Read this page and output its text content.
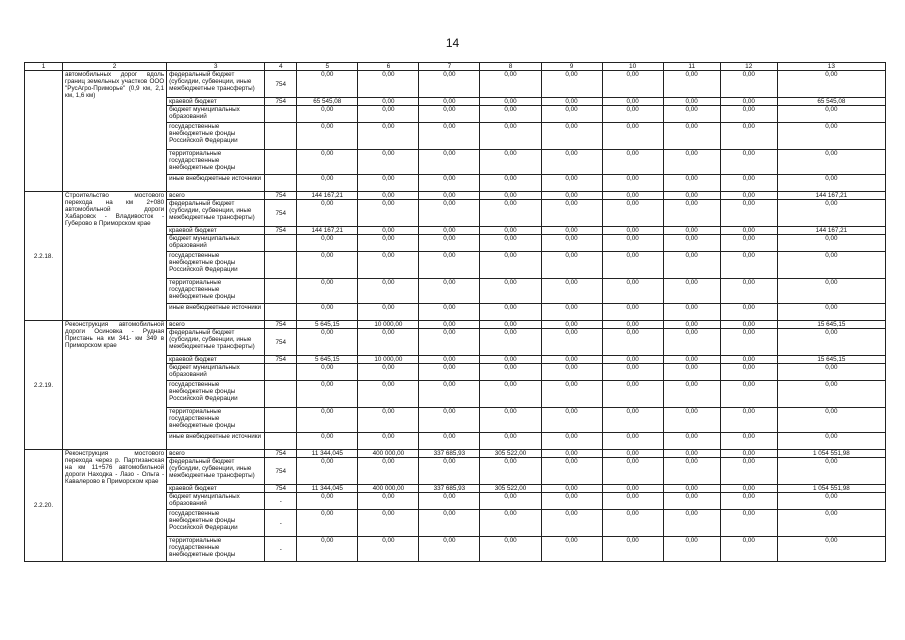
14
1	2	3	4	5	6	7	8	9	10	11	12	13
	автомобильных дорог вдоль границ земельных участков ООО "РусАгро-Приморье" (0,9 км, 2,1 км, 1,6 км)	федеральный бюджет (субсидии, субвенции, иные межбюджетные трансферты)	754	0,00	0,00	0,00	0,00	0,00	0,00	0,00	0,00	0,00
		краевой бюджет	754	65 545,08	0,00	0,00	0,00	0,00	0,00	0,00	0,00	65 545,08
		бюджет муниципальных образований		0,00	0,00	0,00	0,00	0,00	0,00	0,00	0,00	0,00
		государственные внебюджетные фонды Российской Федерации		0,00	0,00	0,00	0,00	0,00	0,00	0,00	0,00	0,00
		территориальные государственные внебюджетные фонды		0,00	0,00	0,00	0,00	0,00	0,00	0,00	0,00	0,00
		иные внебюджетные источники		0,00	0,00	0,00	0,00	0,00	0,00	0,00	0,00	0,00
2.2.18.	Строительство мостового перехода на км 2+080 автомобильной дороги Хабаровск - Владивосток - Губерово в Приморском крае	всего	754	144 167,21	0,00	0,00	0,00	0,00	0,00	0,00	0,00	144 167,21
		федеральный бюджет (субсидии, субвенции, иные межбюджетные трансферты)	754	0,00	0,00	0,00	0,00	0,00	0,00	0,00	0,00	0,00
		краевой бюджет	754	144 167,21	0,00	0,00	0,00	0,00	0,00	0,00	0,00	144 167,21
		бюджет муниципальных образований		0,00	0,00	0,00	0,00	0,00	0,00	0,00	0,00	0,00
		государственные внебюджетные фонды Российской Федерации		0,00	0,00	0,00	0,00	0,00	0,00	0,00	0,00	0,00
		территориальные государственные внебюджетные фонды		0,00	0,00	0,00	0,00	0,00	0,00	0,00	0,00	0,00
		иные внебюджетные источники		0,00	0,00	0,00	0,00	0,00	0,00	0,00	0,00	0,00
2.2.19.	Реконструкция автомобильной дороги Осиновка - Рудная Пристань на км 341- км 349 в Приморском крае	всего	754	5 645,15	10 000,00	0,00	0,00	0,00	0,00	0,00	0,00	15 645,15
		федеральный бюджет (субсидии, субвенции, иные межбюджетные трансферты)	754	0,00	0,00	0,00	0,00	0,00	0,00	0,00	0,00	0,00
		краевой бюджет	754	5 645,15	10 000,00	0,00	0,00	0,00	0,00	0,00	0,00	15 645,15
		бюджет муниципальных образований		0,00	0,00	0,00	0,00	0,00	0,00	0,00	0,00	0,00
		государственные внебюджетные фонды Российской Федерации		0,00	0,00	0,00	0,00	0,00	0,00	0,00	0,00	0,00
		территориальные государственные внебюджетные фонды		0,00	0,00	0,00	0,00	0,00	0,00	0,00	0,00	0,00
		иные внебюджетные источники		0,00	0,00	0,00	0,00	0,00	0,00	0,00	0,00	0,00
2.2.20.	Реконструкция мостового перехода через р. Партизанская на км 11+576 автомобильной дороги Находка - Лазо - Ольга - Кавалерово в Приморском крае	всего	754	11 344,045	400 000,00	337 685,93	305 522,00	0,00	0,00	0,00	0,00	1 054 551,98
		федеральный бюджет (субсидии, субвенции, иные межбюджетные трансферты)	754	0,00	0,00	0,00	0,00	0,00	0,00	0,00	0,00	0,00
		краевой бюджет	754	11 344,045	400 000,00	337 685,93	305 522,00	0,00	0,00	0,00	0,00	1 054 551,98
		бюджет муниципальных образований	-	0,00	0,00	0,00	0,00	0,00	0,00	0,00	0,00	0,00
		государственные внебюджетные фонды Российской Федерации	-	0,00	0,00	0,00	0,00	0,00	0,00	0,00	0,00	0,00
		территориальные государственные внебюджетные фонды	-	0,00	0,00	0,00	0,00	0,00	0,00	0,00	0,00	0,00
